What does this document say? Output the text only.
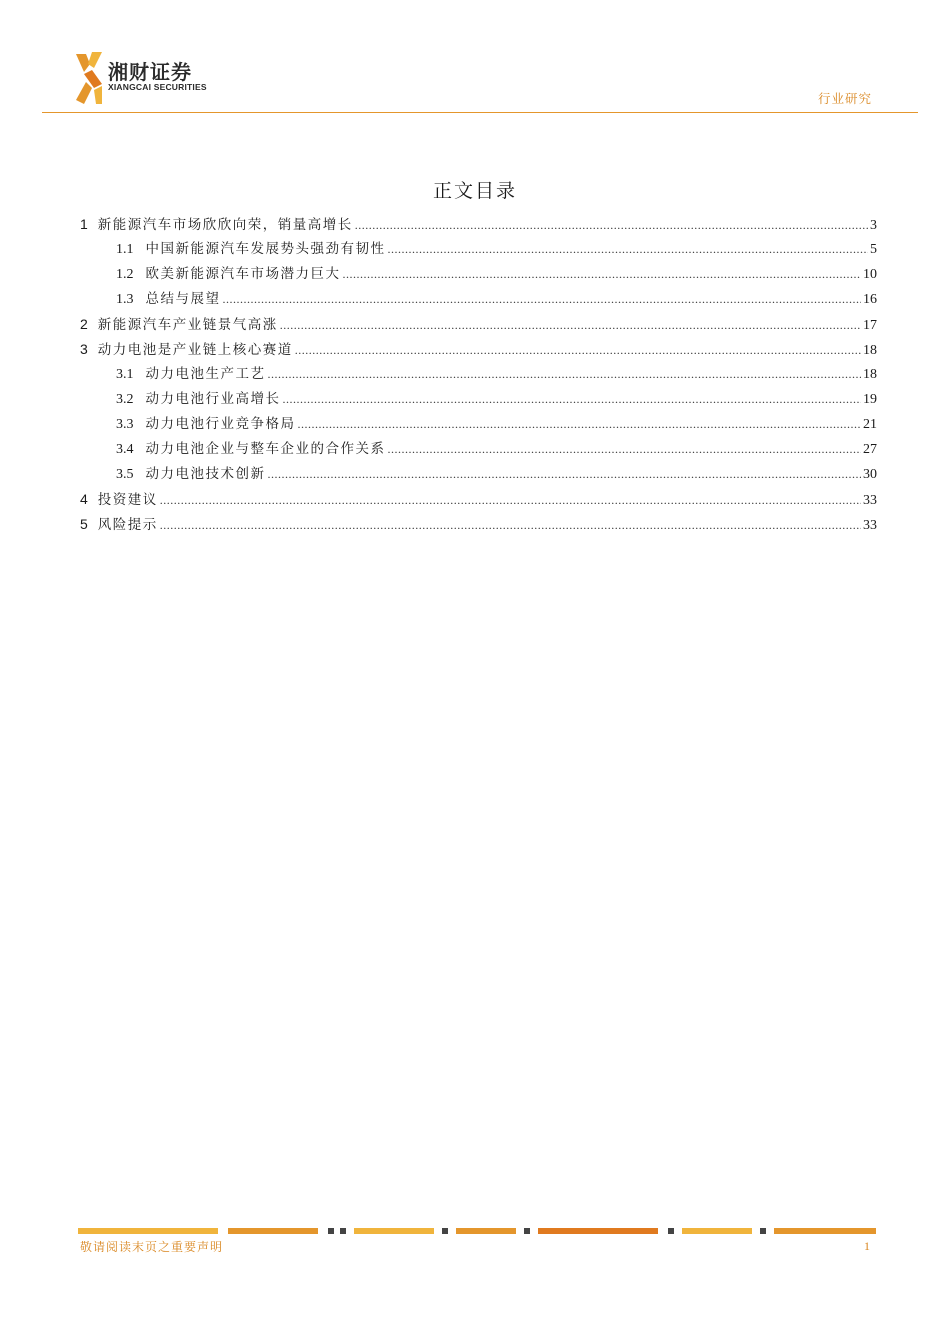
湘财证券
XIANGCAI SECURITIES
行业研究
正文目录
1 新能源汽车市场欣欣向荣，销量高增长 .....	3
1.1 中国新能源汽车发展势头强劲有韧性 .....	5
1.2 欧美新能源汽车市场潜力巨大 .....	10
1.3 总结与展望 .....	16
2 新能源汽车产业链景气高涨 .....	17
3 动力电池是产业链上核心赛道 .....	18
3.1 动力电池生产工艺 .....	18
3.2 动力电池行业高增长 .....	19
3.3 动力电池行业竞争格局 .....	21
3.4 动力电池企业与整车企业的合作关系 .....	27
3.5 动力电池技术创新 .....	30
4 投资建议 .....	33
5 风险提示 .....	33
敬请阅读末页之重要声明	1
